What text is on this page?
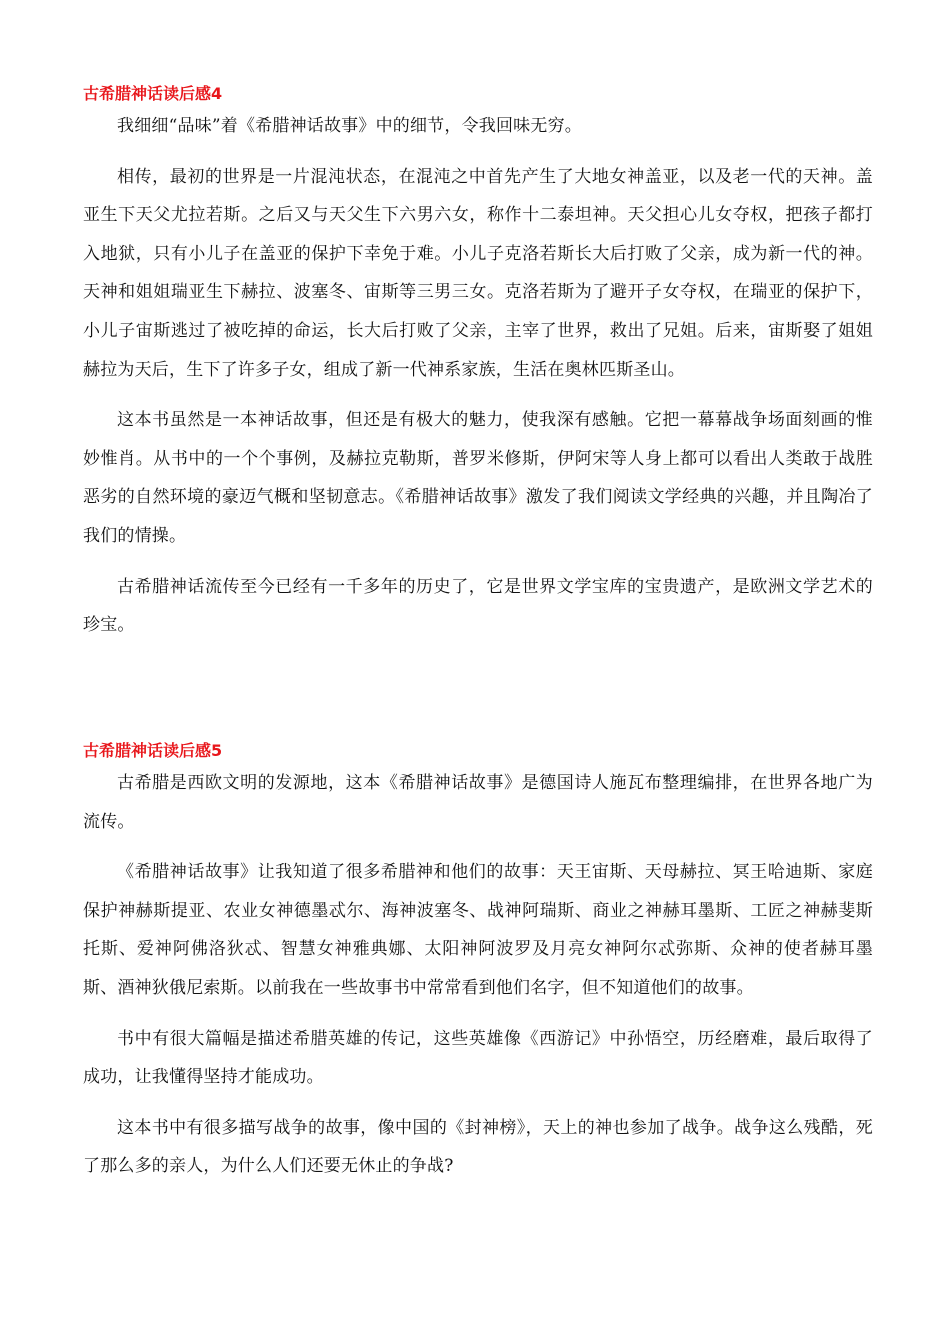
古希腊神话读后感4

我细细“品味”着《希腊神话故事》中的细节，令我回味无穷。

相传，最初的世界是一片混沌状态，在混沌之中首先产生了大地女神盖亚，以及老一代的天神。盖亚生下天父尤拉若斯。之后又与天父生下六男六女，称作十二泰坦神。天父担心儿女夺权，把孩子都打入地狱，只有小儿子在盖亚的保护下幸免于难。小儿子克洛若斯长大后打败了父亲，成为新一代的神。天神和姐姐瑞亚生下赫拉、波塞冬、宙斯等三男三女。克洛若斯为了避开子女夺权，在瑞亚的保护下，小儿子宙斯逃过了被吃掉的命运，长大后打败了父亲，主宰了世界，救出了兄姐。后来，宙斯娶了姐姐赫拉为天后，生下了许多子女，组成了新一代神系家族，生活在奥林匹斯圣山。

这本书虽然是一本神话故事，但还是有极大的魅力，使我深有感触。它把一幕幕战争场面刻画的惟妙惟肖。从书中的一个个事例，及赫拉克勒斯，普罗米修斯，伊阿宋等人身上都可以看出人类敢于战胜恶劣的自然环境的豪迈气概和坚韧意志。《希腊神话故事》激发了我们阅读文学经典的兴趣，并且陶冶了我们的情操。

古希腊神话流传至今已经有一千多年的历史了，它是世界文学宝库的宝贵遗产，是欧洲文学艺术的珍宝。

古希腊神话读后感5

古希腊是西欧文明的发源地，这本《希腊神话故事》是德国诗人施瓦布整理编排，在世界各地广为流传。

《希腊神话故事》让我知道了很多希腊神和他们的故事：天王宙斯、天母赫拉、冥王哈迪斯、家庭保护神赫斯提亚、农业女神德墨忒尔、海神波塞冬、战神阿瑞斯、商业之神赫耳墨斯、工匠之神赫斐斯托斯、爱神阿佛洛狄忒、智慧女神雅典娜、太阳神阿波罗及月亮女神阿尔忒弥斯、众神的使者赫耳墨斯、酒神狄俄尼索斯。以前我在一些故事书中常常看到他们名字，但不知道他们的故事。

书中有很大篇幅是描述希腊英雄的传记，这些英雄像《西游记》中孙悟空，历经磨难，最后取得了成功，让我懂得坚持才能成功。

这本书中有很多描写战争的故事，像中国的《封神榜》，天上的神也参加了战争。战争这么残酷，死了那么多的亲人，为什么人们还要无休止的争战?
